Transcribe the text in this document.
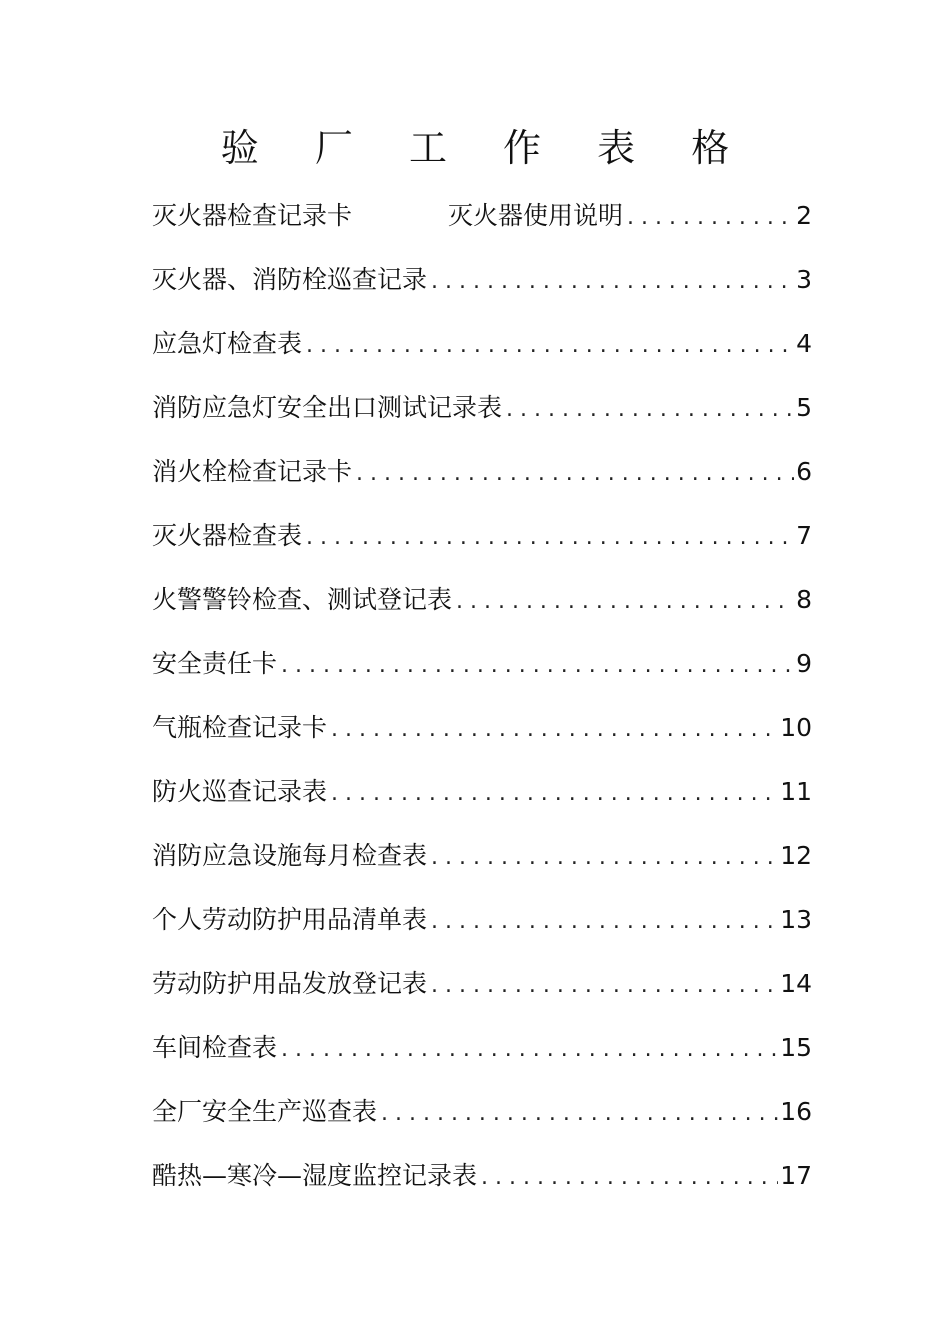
验 厂 工 作 表 格
灭火器检查记录卡	灭火器使用说明 . . .	2
灭火器、消防栓巡查记录 . . .	3
应急灯检查表 . . .	4
消防应急灯安全出口测试记录表 . . .	5
消火栓检查记录卡 . . .	6
灭火器检查表 . . .	7
火警警铃检查、测试登记表 . . .	8
安全责任卡 . . .	9
气瓶检查记录卡 . . .	10
防火巡查记录表 . . .	11
消防应急设施每月检查表 . . .	12
个人劳动防护用品清单表 . . .	13
劳动防护用品发放登记表 . . .	14
车间检查表 . . .	15
全厂安全生产巡查表 . . .	16
酷热—寒冷—湿度监控记录表 . . .	17
